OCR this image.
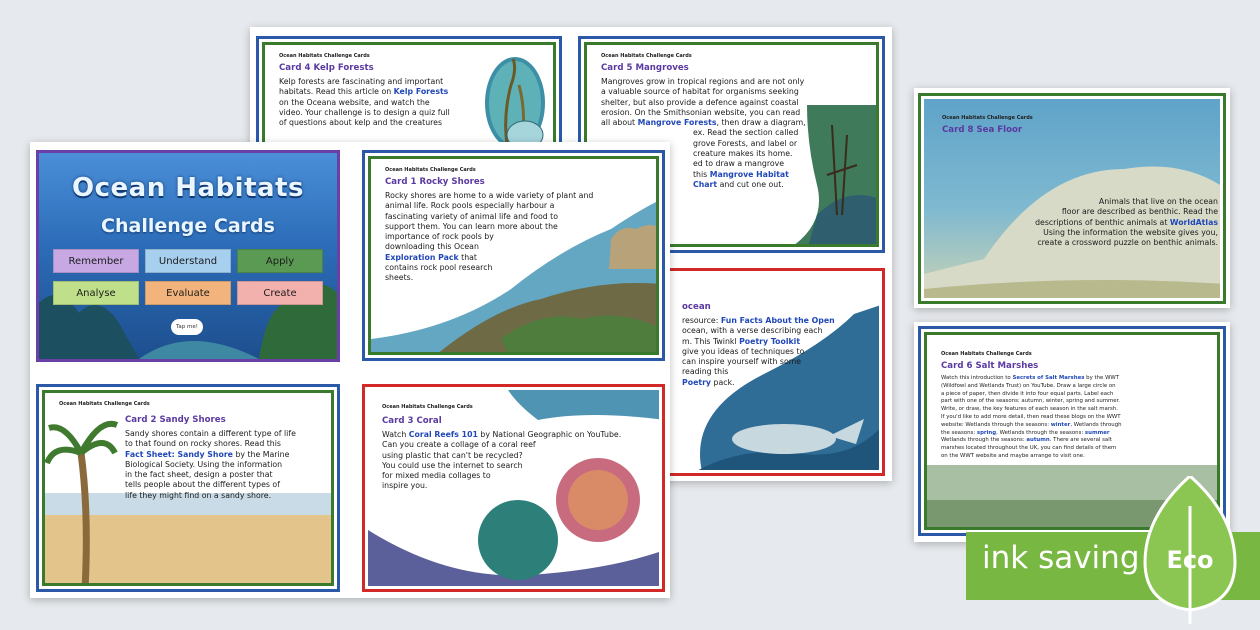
Ocean Habitats Challenge Cards
Card 4 Kelp Forests
Kelp forests are fascinating and important
habitats. Read this article on Kelp Forests
on the Oceana website, and watch the
video. Your challenge is to design a quiz full
of questions about kelp and the creatures
Ocean Habitats Challenge Cards
Card 5 Mangroves
Mangroves grow in tropical regions and are not only
a valuable source of habitat for organisms seeking
shelter, but also provide a defence against coastal
erosion. On the Smithsonian website, you can read
all about Mangrove Forests, then draw a diagram,
ex. Read the section called
grove Forests, and label or
creature makes its home.
ed to draw a mangrove
this Mangrove Habitat
Chart and cut one out.
ocean
resource: Fun Facts About the Open
ocean, with a verse describing each
m. This Twinkl Poetry Toolkit
give you ideas of techniques to
can inspire yourself with some
reading this
Poetry pack.
Ocean Habitats
Challenge Cards
Remember	Understand	Apply
Analyse	Evaluate	Create
Tap me!
Ocean Habitats Challenge Cards
Card 1 Rocky Shores
Rocky shores are home to a wide variety of plant and
animal life. Rock pools especially harbour a
fascinating variety of animal life and food to
support them. You can learn more about the
importance of rock pools by
downloading this Ocean
Exploration Pack that
contains rock pool research
sheets.
Ocean Habitats Challenge Cards
Card 2 Sandy Shores
Sandy shores contain a different type of life
to that found on rocky shores. Read this
Fact Sheet: Sandy Shore by the Marine
Biological Society. Using the information
in the fact sheet, design a poster that
tells people about the different types of
life they might find on a sandy shore.
Ocean Habitats Challenge Cards
Card 3 Coral
Watch Coral Reefs 101 by National Geographic on YouTube.
Can you create a collage of a coral reef
using plastic that can't be recycled?
You could use the internet to search
for mixed media collages to
inspire you.
Ocean Habitats Challenge Cards
Card 8 Sea Floor
Animals that live on the ocean
floor are described as benthic. Read the
descriptions of benthic animals at WorldAtlas
Using the information the website gives you,
create a crossword puzzle on benthic animals.
Ocean Habitats Challenge Cards
Card 6 Salt Marshes
Watch this introduction to Secrets of Salt Marshes by the WWT
(Wildfowl and Wetlands Trust) on YouTube. Draw a large circle on
a piece of paper, then divide it into four equal parts. Label each
part with one of the seasons: autumn, winter, spring and summer.
Write, or draw, the key features of each season in the salt marsh.
If you'd like to add more detail, then read these blogs on the WWT
website: Wetlands through the seasons: winter, Wetlands through
the seasons: spring, Wetlands through the seasons: summer
Wetlands through the seasons: autumn. There are several salt
marshes located throughout the UK, you can find details of them
on the WWT website and maybe arrange to visit one.
ink saving	Eco
